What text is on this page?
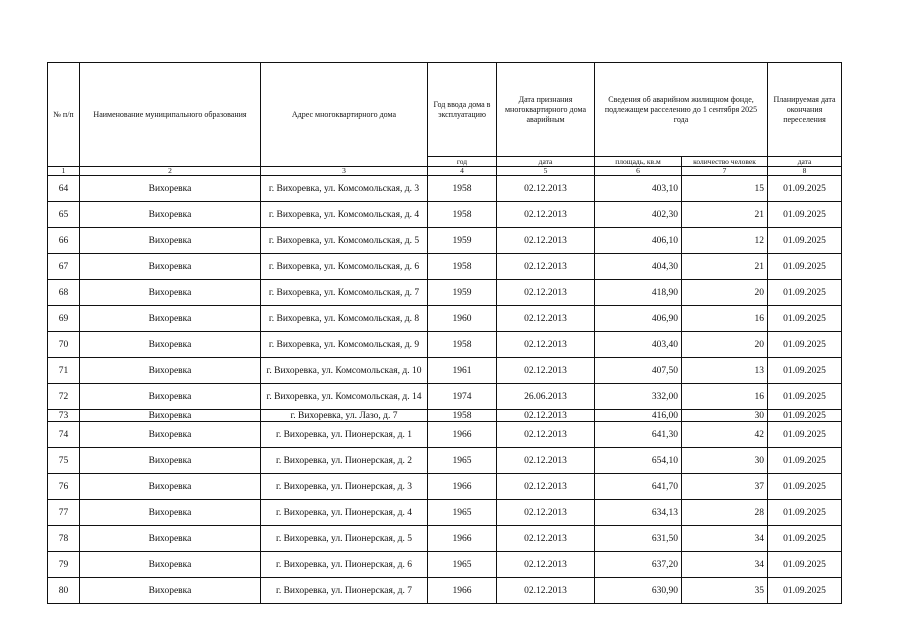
№ п/п	Наименование муниципального образования	Адрес многоквартирного дома	Год ввода дома в эксплуатацию	Дата признания многоквартирного дома аварийным	Сведения об аварийном жилищном фонде, подлежащем расселению до 1 сентября 2025 года		Планируемая дата окончания переселения
			год	дата	площадь, кв.м	количество человек	дата
1	2	3	4	5	6	7	8
64	Вихоревка	г. Вихоревка, ул. Комсомольская, д. 3	1958	02.12.2013	403,10	15	01.09.2025
65	Вихоревка	г. Вихоревка, ул. Комсомольская, д. 4	1958	02.12.2013	402,30	21	01.09.2025
66	Вихоревка	г. Вихоревка, ул. Комсомольская, д. 5	1959	02.12.2013	406,10	12	01.09.2025
67	Вихоревка	г. Вихоревка, ул. Комсомольская, д. 6	1958	02.12.2013	404,30	21	01.09.2025
68	Вихоревка	г. Вихоревка, ул. Комсомольская, д. 7	1959	02.12.2013	418,90	20	01.09.2025
69	Вихоревка	г. Вихоревка, ул. Комсомольская, д. 8	1960	02.12.2013	406,90	16	01.09.2025
70	Вихоревка	г. Вихоревка, ул. Комсомольская, д. 9	1958	02.12.2013	403,40	20	01.09.2025
71	Вихоревка	г. Вихоревка, ул. Комсомольская, д. 10	1961	02.12.2013	407,50	13	01.09.2025
72	Вихоревка	г. Вихоревка, ул. Комсомольская, д. 14	1974	26.06.2013	332,00	16	01.09.2025
73	Вихоревка	г. Вихоревка, ул. Лазо, д. 7	1958	02.12.2013	416,00	30	01.09.2025
74	Вихоревка	г. Вихоревка, ул. Пионерская, д. 1	1966	02.12.2013	641,30	42	01.09.2025
75	Вихоревка	г. Вихоревка, ул. Пионерская, д. 2	1965	02.12.2013	654,10	30	01.09.2025
76	Вихоревка	г. Вихоревка, ул. Пионерская, д. 3	1966	02.12.2013	641,70	37	01.09.2025
77	Вихоревка	г. Вихоревка, ул. Пионерская, д. 4	1965	02.12.2013	634,13	28	01.09.2025
78	Вихоревка	г. Вихоревка, ул. Пионерская, д. 5	1966	02.12.2013	631,50	34	01.09.2025
79	Вихоревка	г. Вихоревка, ул. Пионерская, д. 6	1965	02.12.2013	637,20	34	01.09.2025
80	Вихоревка	г. Вихоревка, ул. Пионерская, д. 7	1966	02.12.2013	630,90	35	01.09.2025
